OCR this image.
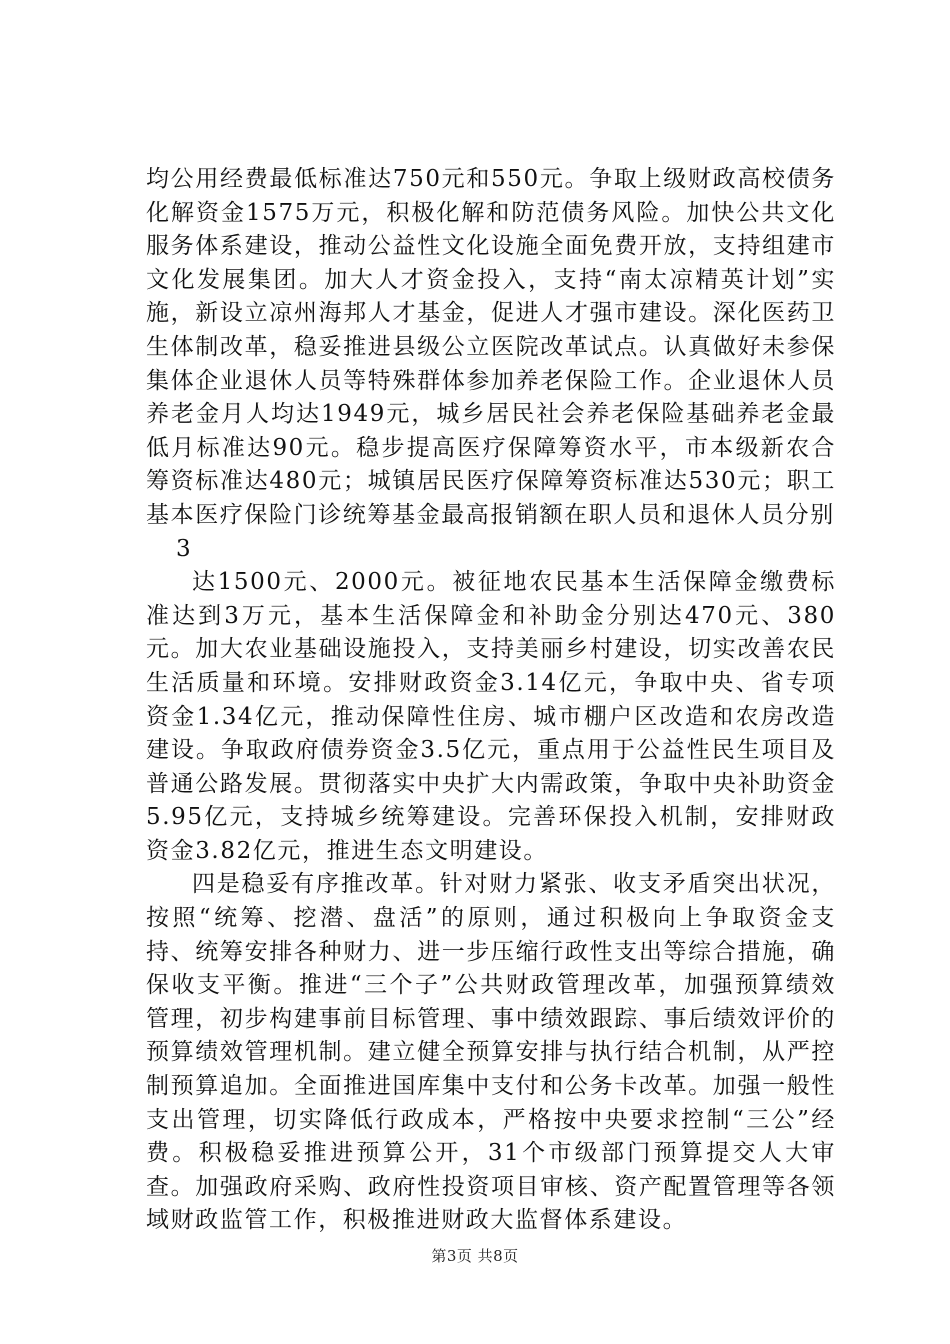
均公用经费最低标准达750元和550元。争取上级财政高校债务化解资金1575万元，积极化解和防范债务风险。加快公共文化服务体系建设，推动公益性文化设施全面免费开放，支持组建市文化发展集团。加大人才资金投入，支持“南太凉精英计划”实施，新设立凉州海邦人才基金，促进人才强市建设。深化医药卫生体制改革，稳妥推进县级公立医院改革试点。认真做好未参保集体企业退休人员等特殊群体参加养老保险工作。企业退休人员养老金月人均达1949元，城乡居民社会养老保险基础养老金最低月标准达90元。稳步提高医疗保障筹资水平，市本级新农合筹资标准达480元；城镇居民医疗保障筹资标准达530元；职工基本医疗保险门诊统筹基金最高报销额在职人员和退休人员分别

3

达1500元、2000元。被征地农民基本生活保障金缴费标准达到3万元，基本生活保障金和补助金分别达470元、380元。加大农业基础设施投入，支持美丽乡村建设，切实改善农民生活质量和环境。安排财政资金3.14亿元，争取中央、省专项资金1.34亿元，推动保障性住房、城市棚户区改造和农房改造建设。争取政府债券资金3.5亿元，重点用于公益性民生项目及普通公路发展。贯彻落实中央扩大内需政策，争取中央补助资金5.95亿元，支持城乡统筹建设。完善环保投入机制，安排财政资金3.82亿元，推进生态文明建设。

四是稳妥有序推改革。针对财力紧张、收支矛盾突出状况，按照“统筹、挖潜、盘活”的原则，通过积极向上争取资金支持、统筹安排各种财力、进一步压缩行政性支出等综合措施，确保收支平衡。推进“三个子”公共财政管理改革，加强预算绩效管理，初步构建事前目标管理、事中绩效跟踪、事后绩效评价的预算绩效管理机制。建立健全预算安排与执行结合机制，从严控制预算追加。全面推进国库集中支付和公务卡改革。加强一般性支出管理，切实降低行政成本，严格按中央要求控制“三公”经费。积极稳妥推进预算公开，31个市级部门预算提交人大审查。加强政府采购、政府性投资项目审核、资产配置管理等各领域财政监管工作，积极推进财政大监督体系建设。

第3页 共8页
